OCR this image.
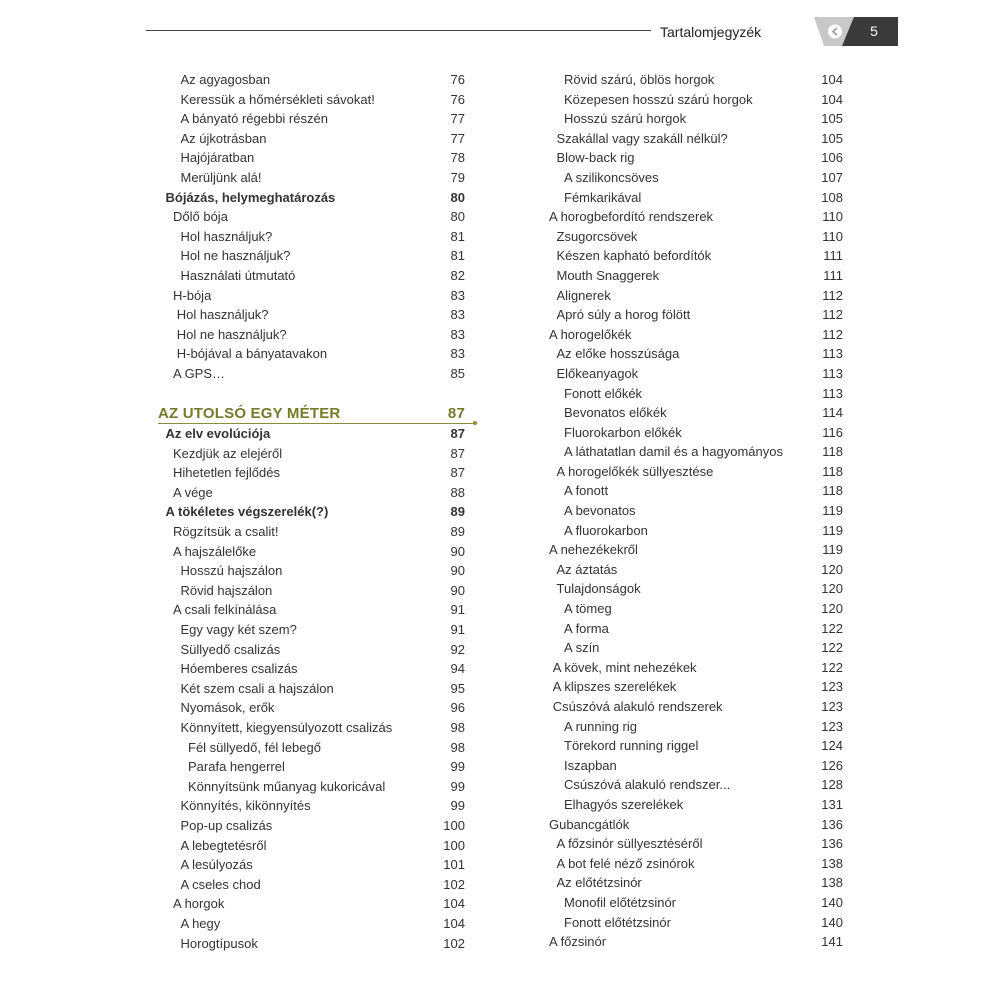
Tartalomjegyzék	5
Az agyagosban	76
Keressük a hőmérsékleti sávokat!	76
A bányató régebbi részén	77
Az újkotrásban	77
Hajójáratban	78
Merüljünk alá!	79
Bójázás, helymeghatározás	80
Dőlő bója	80
Hol használjuk?	81
Hol ne használjuk?	81
Használati útmutató	82
H-bója	83
Hol használjuk?	83
Hol ne használjuk?	83
H-bójával a bányatavakon	83
A GPS…	85
AZ UTOLSÓ EGY MÉTER	87
Az elv evolúciója	87
Kezdjük az elejéről	87
Hihetetlen fejlődés	87
A vége	88
A tökéletes végszerelék(?)	89
Rögzítsük a csalit!	89
A hajszálelőke	90
Hosszú hajszálon	90
Rövid hajszálon	90
A csali felkínálása	91
Egy vagy két szem?	91
Süllyedő csalizás	92
Hóemberes csalizás	94
Két szem csali a hajszálon	95
Nyomások, erők	96
Könnyített, kiegyensúlyozott csalizás	98
Fél süllyedő, fél lebegő	98
Parafa hengerrel	99
Könnyítsünk műanyag kukoricával	99
Könnyítés, kikönnyítés	99
Pop-up csalizás	100
A lebegtetésről	100
A lesúlyozás	101
A cseles chod	102
A horgok	104
A hegy	104
Horogtípusok	102
Rövid szárú, öblös horgok	104
Közepesen hosszú szárú horgok	104
Hosszú szárú horgok	105
Szakállal vagy szakáll nélkül?	105
Blow-back rig	106
A szilikoncsöves	107
Fémkarikával	108
A horogbefordító rendszerek	110
Zsugorcsövek	110
Készen kapható befordítók	111
Mouth Snaggerek	111
Alignerek	112
Apró súly a horog fölött	112
A horogelőkék	112
Az előke hosszúsága	113
Előkeanyagok	113
Fonott előkék	113
Bevonatos előkék	114
Fluorokarbon előkék	116
A láthatatlan damil és a hagyományos	118
A horogelőkék süllyesztése	118
A fonott	118
A bevonatos	119
A fluorokarbon	119
A nehezékekről	119
Az áztatás	120
Tulajdonságok	120
A tömeg	120
A forma	122
A szín	122
A kövek, mint nehezékek	122
A klipszes szerelékek	123
Csúszóvá alakuló rendszerek	123
A running rig	123
Törekord running riggel	124
Iszapban	126
Csúszóvá alakuló rendszer...	128
Elhagyós szerelékek	131
Gubancgátlók	136
A főzsinór süllyesztéséről	136
A bot felé néző zsinórok	138
Az előtétzsinór	138
Monofil előtétzsinór	140
Fonott előtétzsinór	140
A főzsinór	141
